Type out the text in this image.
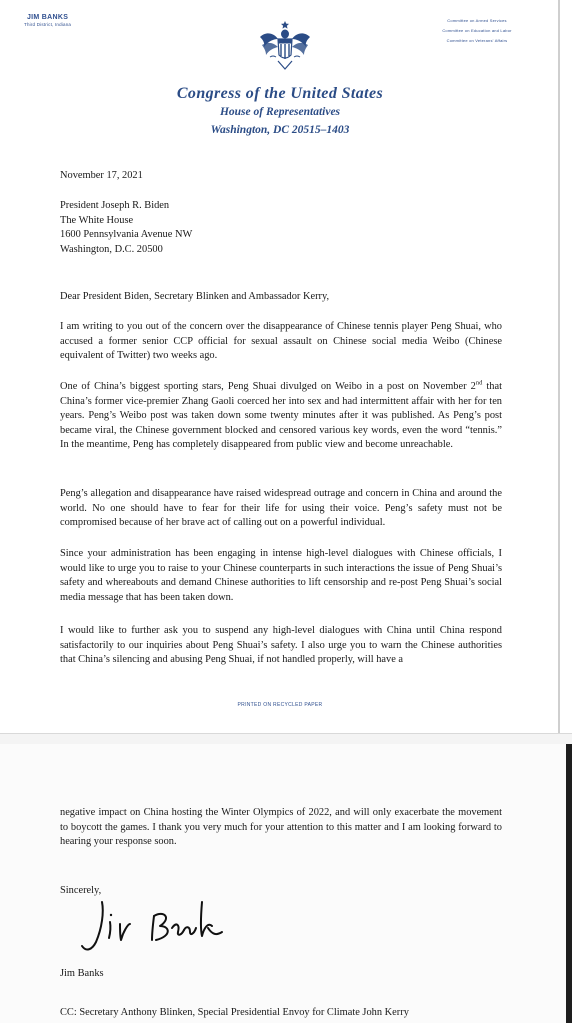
JIM BANKS
Third District, Indiana
Committee on Armed Services
Committee on Education and Labor
Committee on Veterans' Affairs
Congress of the United States
House of Representatives
Washington, DC 20515–1403
November 17, 2021
President Joseph R. Biden
The White House
1600 Pennsylvania Avenue NW
Washington, D.C. 20500
Dear President Biden, Secretary Blinken and Ambassador Kerry,
I am writing to you out of the concern over the disappearance of Chinese tennis player Peng Shuai, who accused a former senior CCP official for sexual assault on Chinese social media Weibo (Chinese equivalent of Twitter) two weeks ago.
One of China’s biggest sporting stars, Peng Shuai divulged on Weibo in a post on November 2nd that China’s former vice-premier Zhang Gaoli coerced her into sex and had intermittent affair with her for ten years. Peng’s Weibo post was taken down some twenty minutes after it was published. As Peng’s post became viral, the Chinese government blocked and censored various key words, even the word “tennis.” In the meantime, Peng has completely disappeared from public view and become unreachable.
Peng’s allegation and disappearance have raised widespread outrage and concern in China and around the world. No one should have to fear for their life for using their voice. Peng’s safety must not be compromised because of her brave act of calling out on a powerful individual.
Since your administration has been engaging in intense high-level dialogues with Chinese officials, I would like to urge you to raise to your Chinese counterparts in such interactions the issue of Peng Shuai’s safety and whereabouts and demand Chinese authorities to lift censorship and re-post Peng Shuai’s social media message that has been taken down.
I would like to further ask you to suspend any high-level dialogues with China until China respond satisfactorily to our inquiries about Peng Shuai’s safety. I also urge you to warn the Chinese authorities that China’s silencing and abusing Peng Shuai, if not handled properly, will have a
PRINTED ON RECYCLED PAPER
negative impact on China hosting the Winter Olympics of 2022, and will only exacerbate the movement to boycott the games. I thank you very much for your attention to this matter and I am looking forward to hearing your response soon.
Sincerely,
Jim Banks
CC: Secretary Anthony Blinken, Special Presidential Envoy for Climate John Kerry
